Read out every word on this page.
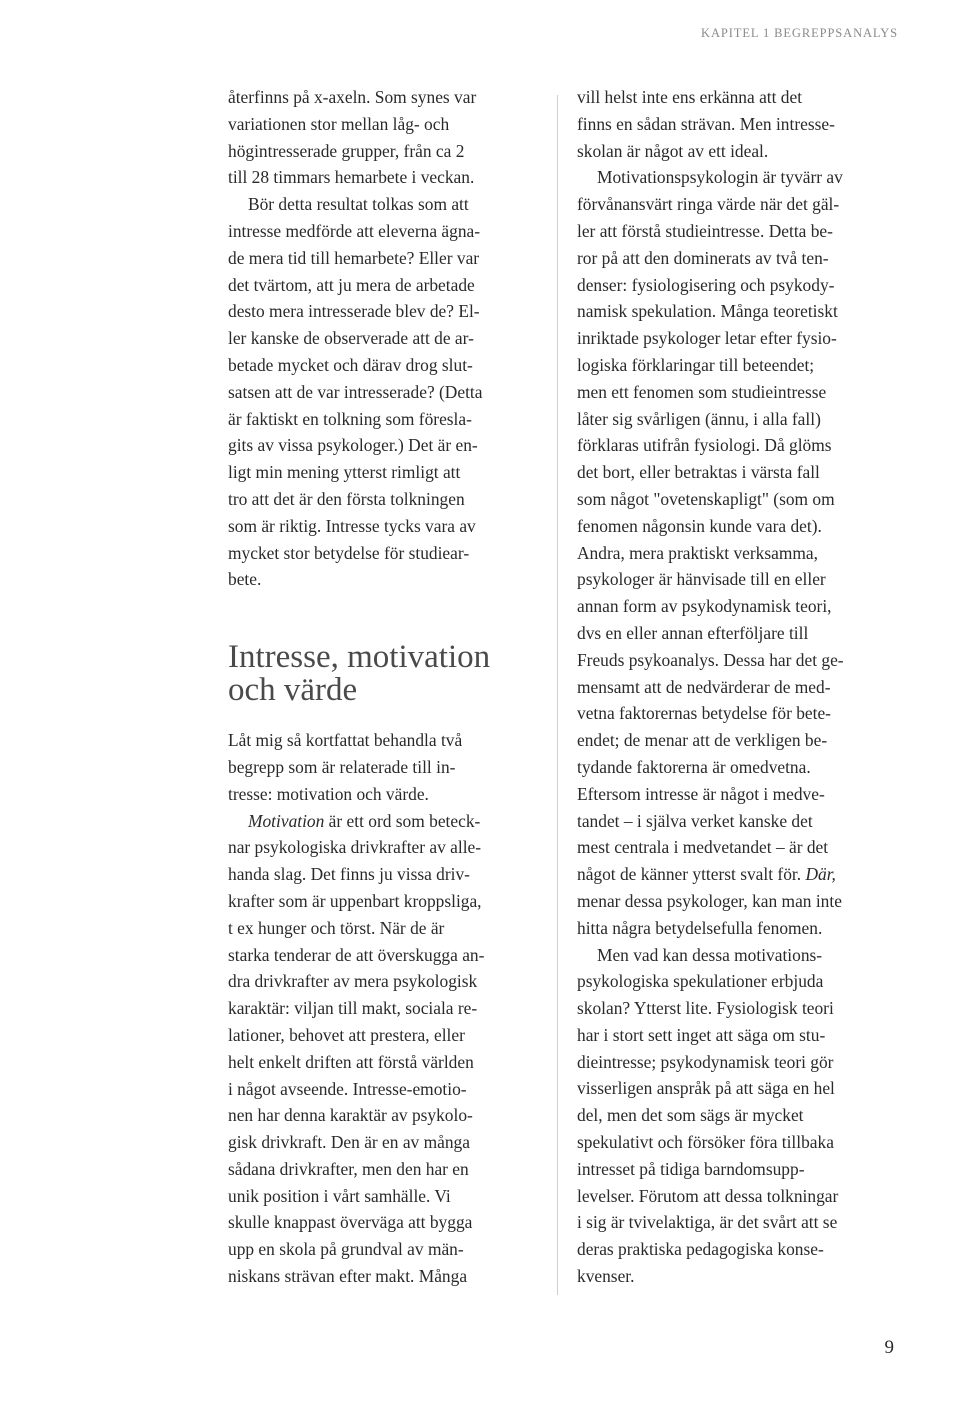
KAPITEL 1 BEGREPPSANALYS
återfinns på x-axeln. Som synes var
variationen stor mellan låg- och
högintresserade grupper, från ca 2
till 28 timmars hemarbete i veckan.
Bör detta resultat tolkas som att
intresse medförde att eleverna ägna-
de mera tid till hemarbete? Eller var
det tvärtom, att ju mera de arbetade
desto mera intresserade blev de? El-
ler kanske de observerade att de ar-
betade mycket och därav drog slut-
satsen att de var intresserade? (Detta
är faktiskt en tolkning som föresla-
gits av vissa psykologer.) Det är en-
ligt min mening ytterst rimligt att
tro att det är den första tolkningen
som är riktig. Intresse tycks vara av
mycket stor betydelse för studiear-
bete.
Intresse, motivation
och värde
Låt mig så kortfattat behandla två
begrepp som är relaterade till in-
tresse: motivation och värde.
Motivation är ett ord som beteck-
nar psykologiska drivkrafter av alle-
handa slag. Det finns ju vissa driv-
krafter som är uppenbart kroppsliga,
t ex hunger och törst. När de är
starka tenderar de att överskugga an-
dra drivkrafter av mera psykologisk
karaktär: viljan till makt, sociala re-
lationer, behovet att prestera, eller
helt enkelt driften att förstå världen
i något avseende. Intresse-emotio-
nen har denna karaktär av psykolo-
gisk drivkraft. Den är en av många
sådana drivkrafter, men den har en
unik position i vårt samhälle. Vi
skulle knappast överväga att bygga
upp en skola på grundval av män-
niskans strävan efter makt. Många
vill helst inte ens erkänna att det
finns en sådan strävan. Men intresse-
skolan är något av ett ideal.
Motivationspsykologin är tyvärr av
förvånansvärt ringa värde när det gäl-
ler att förstå studieintresse. Detta be-
ror på att den dominerats av två ten-
denser: fysiologisering och psykody-
namisk spekulation. Många teoretiskt
inriktade psykologer letar efter fysio-
logiska förklaringar till beteendet;
men ett fenomen som studieintresse
låter sig svårligen (ännu, i alla fall)
förklaras utifrån fysiologi. Då glöms
det bort, eller betraktas i värsta fall
som något "ovetenskapligt" (som om
fenomen någonsin kunde vara det).
Andra, mera praktiskt verksamma,
psykologer är hänvisade till en eller
annan form av psykodynamisk teori,
dvs en eller annan efterföljare till
Freuds psykoanalys. Dessa har det ge-
mensamt att de nedvärderar de med-
vetna faktorernas betydelse för bete-
endet; de menar att de verkligen be-
tydande faktorerna är omedvetna.
Eftersom intresse är något i medve-
tandet – i själva verket kanske det
mest centrala i medvetandet – är det
något de känner ytterst svalt för. Där,
menar dessa psykologer, kan man inte
hitta några betydelsefulla fenomen.
Men vad kan dessa motivations-
psykologiska spekulationer erbjuda
skolan? Ytterst lite. Fysiologisk teori
har i stort sett inget att säga om stu-
dieintresse; psykodynamisk teori gör
visserligen anspråk på att säga en hel
del, men det som sägs är mycket
spekulativt och försöker föra tillbaka
intresset på tidiga barndomsupp-
levelser. Förutom att dessa tolkningar
i sig är tvivelaktiga, är det svårt att se
deras praktiska pedagogiska konse-
kvenser.
9
